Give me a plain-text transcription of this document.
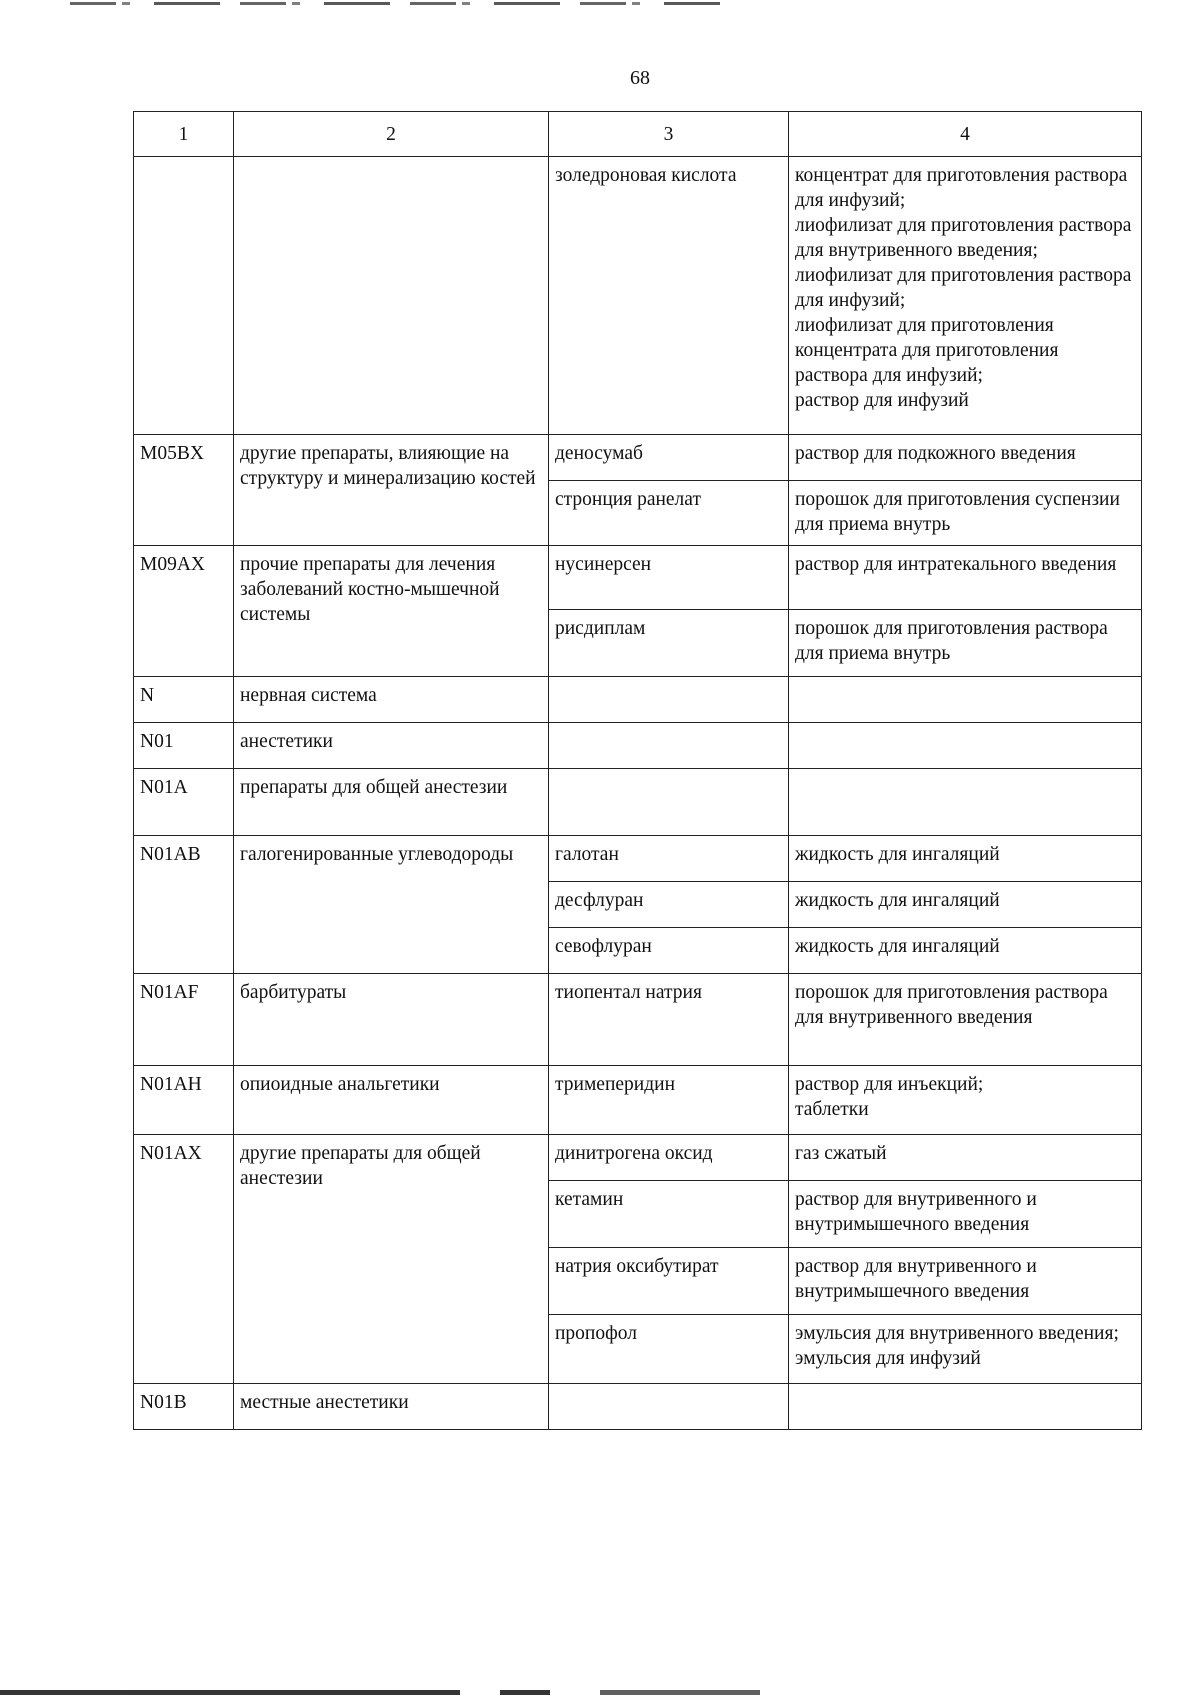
68
1	2	3	4
		золедроновая кислота	концентрат для приготовления раствора для инфузий;
лиофилизат для приготовления раствора для внутривенного введения;
лиофилизат для приготовления раствора для инфузий;
лиофилизат для приготовления концентрата для приготовления раствора для инфузий;
раствор для инфузий
M05BX	другие препараты, влияющие на структуру и минерализацию костей	деносумаб	раствор для подкожного введения
		стронция ранелат	порошок для приготовления суспензии для приема внутрь
M09AX	прочие препараты для лечения заболеваний костно-мышечной системы	нусинерсен	раствор для интратекального введения
		рисдиплам	порошок для приготовления раствора для приема внутрь
N	нервная система		
N01	анестетики		
N01A	препараты для общей анестезии		
N01AB	галогенированные углеводороды	галотан	жидкость для ингаляций
		десфлуран	жидкость для ингаляций
		севофлуран	жидкость для ингаляций
N01AF	барбитураты	тиопентал натрия	порошок для приготовления раствора для внутривенного введения
N01AH	опиоидные анальгетики	тримеперидин	раствор для инъекций;
таблетки
N01AX	другие препараты для общей анестезии	динитрогена оксид	газ сжатый
		кетамин	раствор для внутривенного и внутримышечного введения
		натрия оксибутират	раствор для внутривенного и внутримышечного введения
		пропофол	эмульсия для внутривенного введения;
эмульсия для инфузий
N01B	местные анестетики		
